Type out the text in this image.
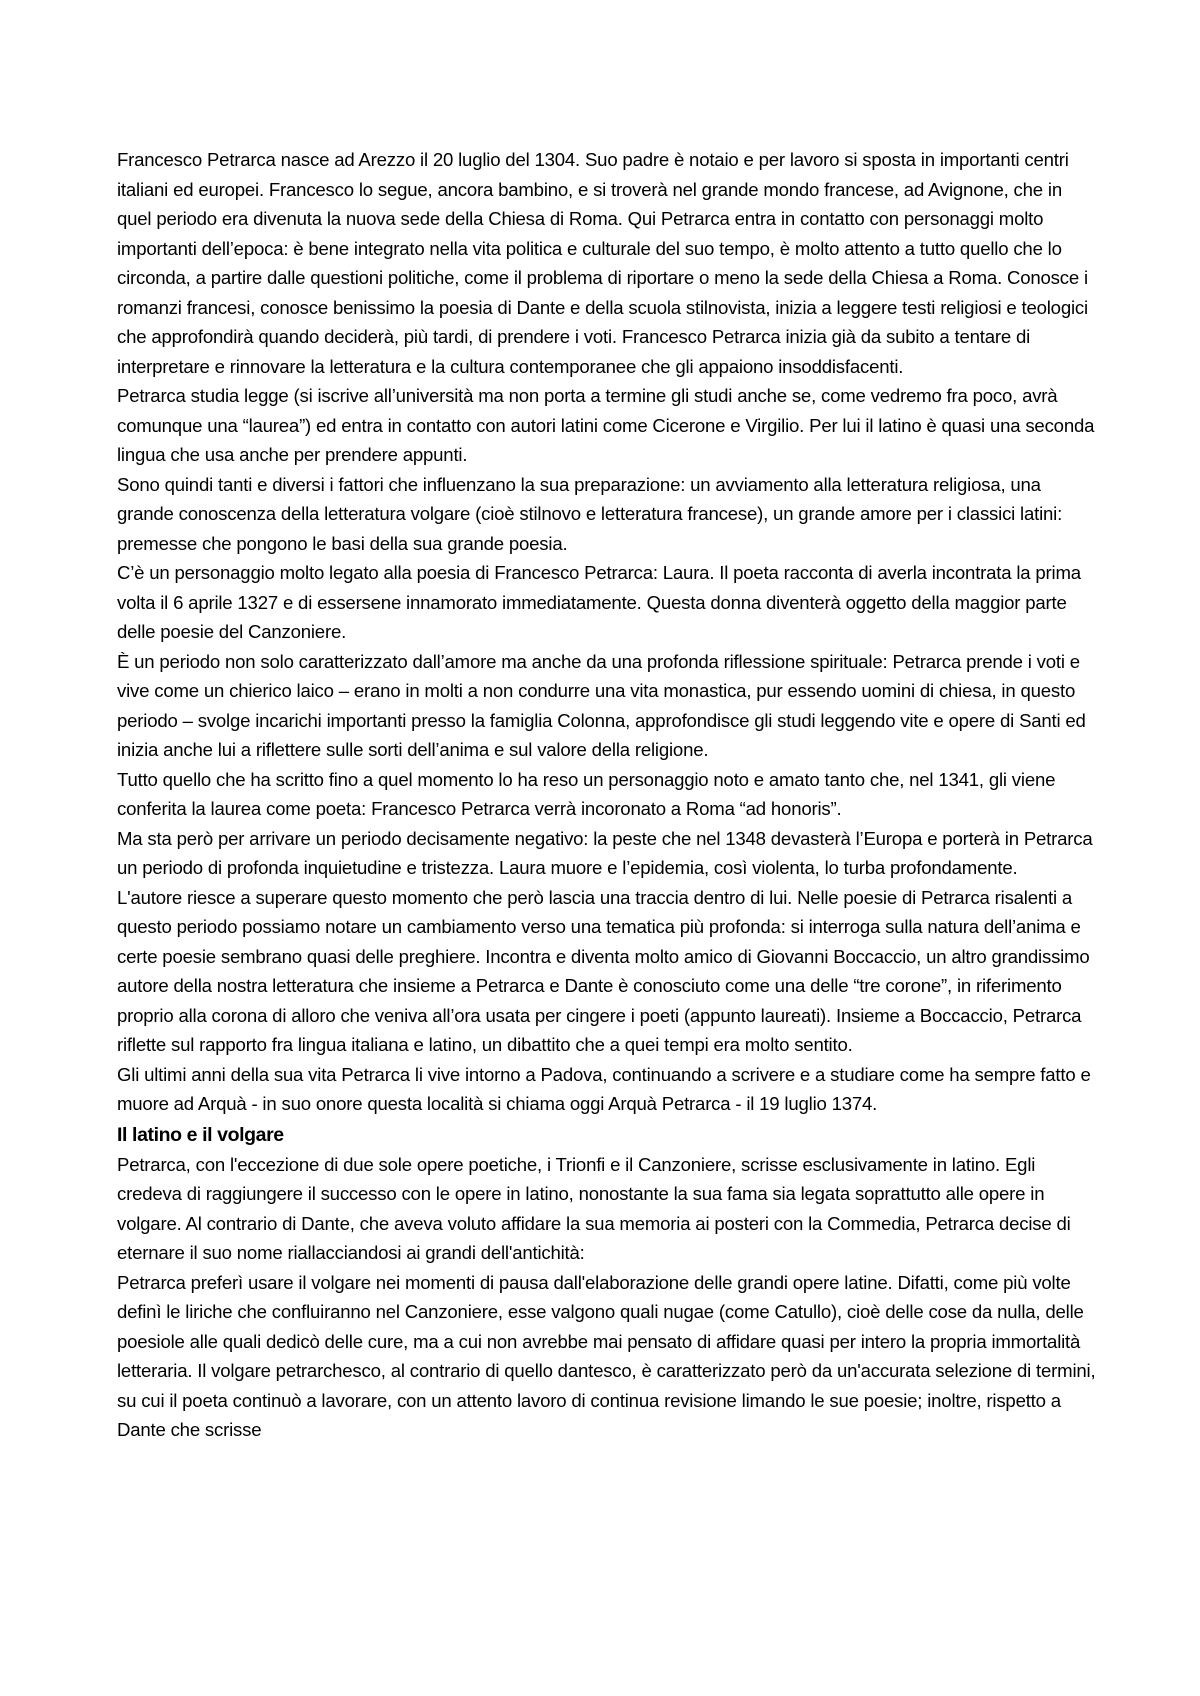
Francesco Petrarca nasce ad Arezzo il 20 luglio del 1304. Suo padre è notaio e per lavoro si sposta in importanti centri italiani ed europei. Francesco lo segue, ancora bambino, e si troverà nel grande mondo francese, ad Avignone, che in quel periodo era divenuta la nuova sede della Chiesa di Roma. Qui Petrarca entra in contatto con personaggi molto importanti dell’epoca: è bene integrato nella vita politica e culturale del suo tempo, è molto attento a tutto quello che lo circonda, a partire dalle questioni politiche, come il problema di riportare o meno la sede della Chiesa a Roma. Conosce i romanzi francesi, conosce benissimo la poesia di Dante e della scuola stilnovista, inizia a leggere testi religiosi e teologici che approfondirà quando deciderà, più tardi, di prendere i voti. Francesco Petrarca inizia già da subito a tentare di interpretare e rinnovare la letteratura e la cultura contemporanee che gli appaiono insoddisfacenti.

Petrarca studia legge (si iscrive all’università ma non porta a termine gli studi anche se, come vedremo fra poco, avrà comunque una “laurea”) ed entra in contatto con autori latini come Cicerone e Virgilio. Per lui il latino è quasi una seconda lingua che usa anche per prendere appunti.

Sono quindi tanti e diversi i fattori che influenzano la sua preparazione: un avviamento alla letteratura religiosa, una grande conoscenza della letteratura volgare (cioè stilnovo e letteratura francese), un grande amore per i classici latini: premesse che pongono le basi della sua grande poesia.

C’è un personaggio molto legato alla poesia di Francesco Petrarca: Laura. Il poeta racconta di averla incontrata la prima volta il 6 aprile 1327 e di essersene innamorato immediatamente. Questa donna diventerà oggetto della maggior parte delle poesie del Canzoniere.

È un periodo non solo caratterizzato dall’amore ma anche da una profonda riflessione spirituale: Petrarca prende i voti e vive come un chierico laico – erano in molti a non condurre una vita monastica, pur essendo uomini di chiesa, in questo periodo – svolge incarichi importanti presso la famiglia Colonna, approfondisce gli studi leggendo vite e opere di Santi ed inizia anche lui a riflettere sulle sorti dell’anima e sul valore della religione.

Tutto quello che ha scritto fino a quel momento lo ha reso un personaggio noto e amato tanto che, nel 1341, gli viene conferita la laurea come poeta: Francesco Petrarca verrà incoronato a Roma “ad honoris”.

Ma sta però per arrivare un periodo decisamente negativo: la peste che nel 1348 devasterà l’Europa e porterà in Petrarca un periodo di profonda inquietudine e tristezza. Laura muore e l’epidemia, così violenta, lo turba profondamente.

L'autore riesce a superare questo momento che però lascia una traccia dentro di lui. Nelle poesie di Petrarca risalenti a questo periodo possiamo notare un cambiamento verso una tematica più profonda: si interroga sulla natura dell’anima e certe poesie sembrano quasi delle preghiere. Incontra e diventa molto amico di Giovanni Boccaccio, un altro grandissimo autore della nostra letteratura che insieme a Petrarca e Dante è conosciuto come una delle “tre corone”, in riferimento proprio alla corona di alloro che veniva all’ora usata per cingere i poeti (appunto laureati). Insieme a Boccaccio, Petrarca riflette sul rapporto fra lingua italiana e latino, un dibattito che a quei tempi era molto sentito.

Gli ultimi anni della sua vita Petrarca li vive intorno a Padova, continuando a scrivere e a studiare come ha sempre fatto e muore ad Arquà - in suo onore questa località si chiama oggi Arquà Petrarca - il 19 luglio 1374.

Il latino e il volgare

Petrarca, con l'eccezione di due sole opere poetiche, i Trionfi e il Canzoniere, scrisse esclusivamente in latino. Egli credeva di raggiungere il successo con le opere in latino, nonostante la sua fama sia legata soprattutto alle opere in volgare. Al contrario di Dante, che aveva voluto affidare la sua memoria ai posteri con la Commedia, Petrarca decise di eternare il suo nome riallacciandosi ai grandi dell'antichità:

Petrarca preferì usare il volgare nei momenti di pausa dall'elaborazione delle grandi opere latine. Difatti, come più volte definì le liriche che confluiranno nel Canzoniere, esse valgono quali nugae (come Catullo), cioè delle cose da nulla, delle poesiole alle quali dedicò delle cure, ma a cui non avrebbe mai pensato di affidare quasi per intero la propria immortalità letteraria. Il volgare petrarchesco, al contrario di quello dantesco, è caratterizzato però da un'accurata selezione di termini, su cui il poeta continuò a lavorare, con un attento lavoro di continua revisione limando le sue poesie; inoltre, rispetto a Dante che scrisse
